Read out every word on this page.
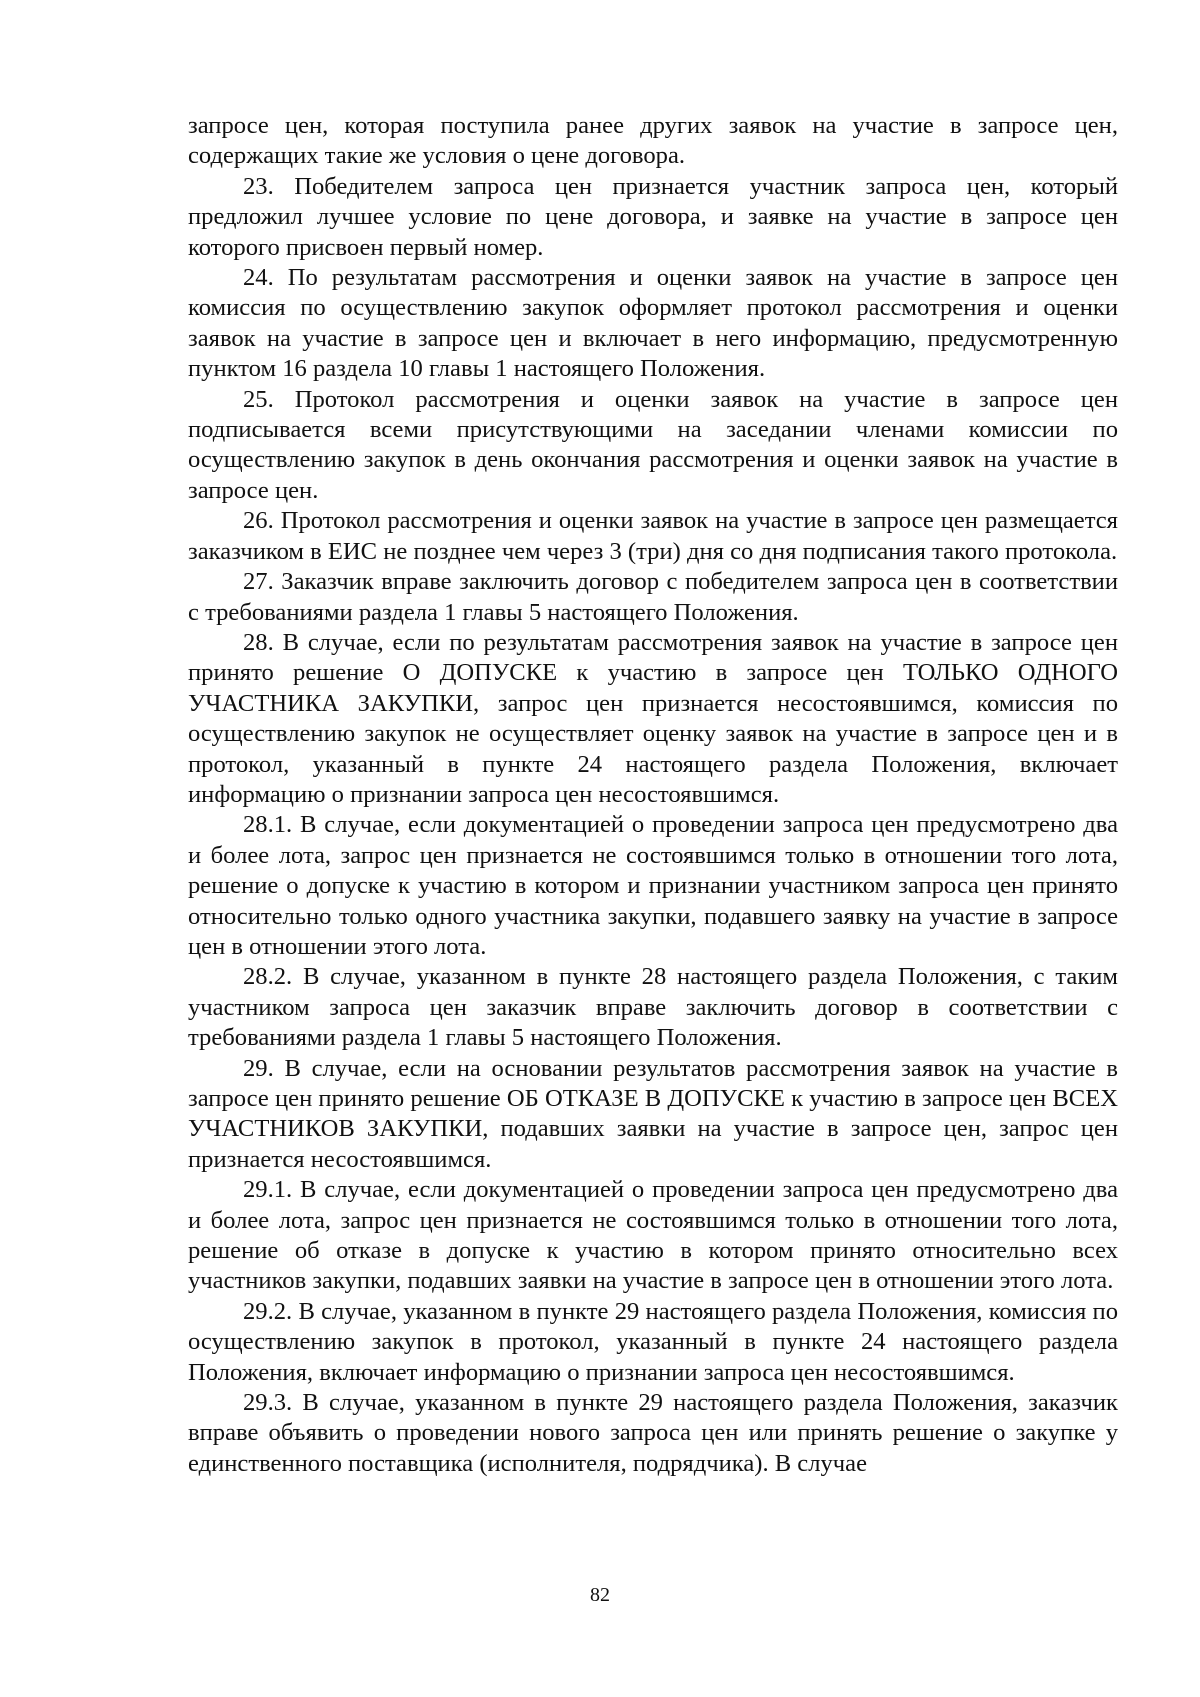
запросе цен, которая поступила ранее других заявок на участие в запросе цен, содержащих такие же условия о цене договора.

23. Победителем запроса цен признается участник запроса цен, который предложил лучшее условие по цене договора, и заявке на участие в запросе цен которого присвоен первый номер.

24. По результатам рассмотрения и оценки заявок на участие в запросе цен комиссия по осуществлению закупок оформляет протокол рассмотрения и оценки заявок на участие в запросе цен и включает в него информацию, предусмотренную пунктом 16 раздела 10 главы 1 настоящего Положения.

25. Протокол рассмотрения и оценки заявок на участие в запросе цен подписывается всеми присутствующими на заседании членами комиссии по осуществлению закупок в день окончания рассмотрения и оценки заявок на участие в запросе цен.

26. Протокол рассмотрения и оценки заявок на участие в запросе цен размещается заказчиком в ЕИС не позднее чем через 3 (три) дня со дня подписания такого протокола.

27. Заказчик вправе заключить договор с победителем запроса цен в соответствии с требованиями раздела 1 главы 5 настоящего Положения.

28. В случае, если по результатам рассмотрения заявок на участие в запросе цен принято решение О ДОПУСКЕ к участию в запросе цен ТОЛЬКО ОДНОГО УЧАСТНИКА ЗАКУПКИ, запрос цен признается несостоявшимся, комиссия по осуществлению закупок не осуществляет оценку заявок на участие в запросе цен и в протокол, указанный в пункте 24 настоящего раздела Положения, включает информацию о признании запроса цен несостоявшимся.

28.1. В случае, если документацией о проведении запроса цен предусмотрено два и более лота, запрос цен признается не состоявшимся только в отношении того лота, решение о допуске к участию в котором и признании участником запроса цен принято относительно только одного участника закупки, подавшего заявку на участие в запросе цен в отношении этого лота.

28.2. В случае, указанном в пункте 28 настоящего раздела Положения, с таким участником запроса цен заказчик вправе заключить договор в соответствии с требованиями раздела 1 главы 5 настоящего Положения.

29. В случае, если на основании результатов рассмотрения заявок на участие в запросе цен принято решение ОБ ОТКАЗЕ В ДОПУСКЕ к участию в запросе цен ВСЕХ УЧАСТНИКОВ ЗАКУПКИ, подавших заявки на участие в запросе цен, запрос цен признается несостоявшимся.

29.1. В случае, если документацией о проведении запроса цен предусмотрено два и более лота, запрос цен признается не состоявшимся только в отношении того лота, решение об отказе в допуске к участию в котором принято относительно всех участников закупки, подавших заявки на участие в запросе цен в отношении этого лота.

29.2. В случае, указанном в пункте 29 настоящего раздела Положения, комиссия по осуществлению закупок в протокол, указанный в пункте 24 настоящего раздела Положения, включает информацию о признании запроса цен несостоявшимся.

29.3. В случае, указанном в пункте 29 настоящего раздела Положения, заказчик вправе объявить о проведении нового запроса цен или принять решение о закупке у единственного поставщика (исполнителя, подрядчика). В случае

82
